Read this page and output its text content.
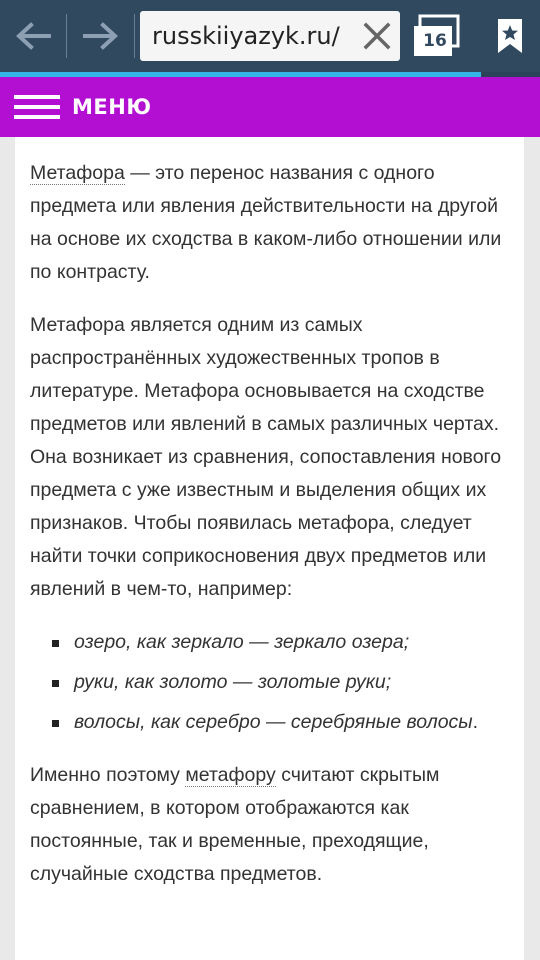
russkiiyazyk.ru/	16
МЕНЮ

Метафора — это перенос названия с одного предмета или явления действительности на другой на основе их сходства в каком-либо отношении или по контрасту.

Метафора является одним из самых распространённых художественных тропов в литературе. Метафора основывается на сходстве предметов или явлений в самых различных чертах. Она возникает из сравнения, сопоставления нового предмета с уже известным и выделения общих их признаков. Чтобы появилась метафора, следует найти точки соприкосновения двух предметов или явлений в чем-то, например:

озеро, как зеркало — зеркало озера;
руки, как золото — золотые руки;
волосы, как серебро — серебряные волосы.

Именно поэтому метафору считают скрытым сравнением, в котором отображаются как постоянные, так и временные, преходящие, случайные сходства предметов.
